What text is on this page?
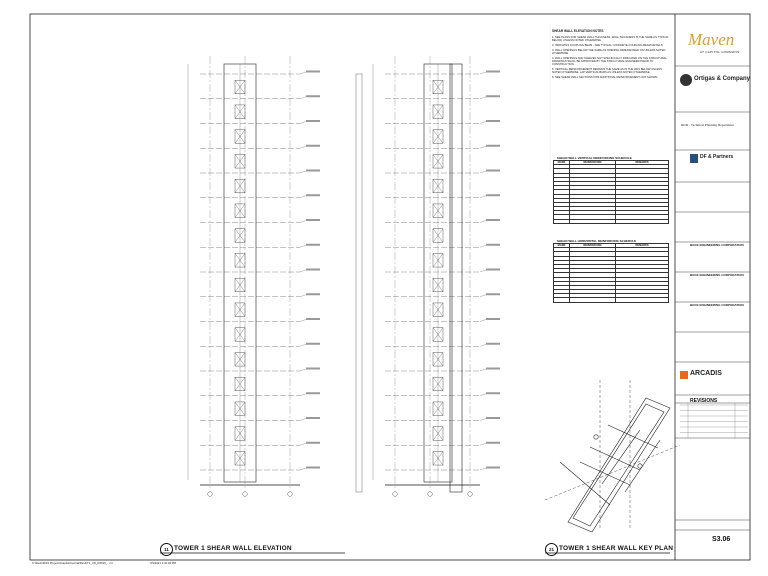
11 TOWER 1 SHEAR WALL ELEVATION	21 TOWER 1 SHEAR WALL KEY PLAN
SHEAR WALL ELEVATION NOTES

1. SEE PLANS FOR SHEAR WALL THICKNESS. WALL THICKNESS IS THE SAME AS TYPICAL BELOW, UNLESS NOTED OTHERWISE.

2. INDICATES COUPLING BEAM - SEE TYPICAL CONCRETE COUPLING BEAM DETAILS.

3. WALL OPENINGS BELOW THE SAME AS OPENING DIMENSIONED ON UNLESS NOTED OTHERWISE.

4. WALL OPENINGS AND SLEEVES NOT SPECIFICALLY INDICATED ON THE STRUCTURAL DRAWINGS SHALL BE APPROVED BY THE STRUCTURAL ENGINEER PRIOR TO CONSTRUCTION.

5. VERTICAL REINFORCEMENT REMAINS THE SAME AS IN THE WAS BELOW UNLESS NOTED OTHERWISE. LAP VERTICAL BARS AS UNLESS NOTED OTHERWISE.

6. SEE SHEAR WALL SECTIONS FOR ADDITIONAL REINFORCEMENT NOT SHOWN.

SHEAR WALL VERTICAL REINFORCING SCHEDULE
MARK	REINFORCING	REMARKS

SHEAR WALL HORIZONTAL REINFORCING SCHEDULE
MARK	REINFORCING	REMARKS

Maven
AT CAPITOL COMMONS
Ortigas & Company
ROD - Technical Planning Department
DF & Partners
BOCE ENGINEERING CORPORATION
BOCE ENGINEERING CORPORATION
BOCE ENGINEERING CORPORATION
ARCADIS
REVISIONS
S3.06
C:\Revit\2019 Projects\Capitol\Central\Revit\T1_CD_R2019_...rvt	3/9/2021 2:44:04 PM
